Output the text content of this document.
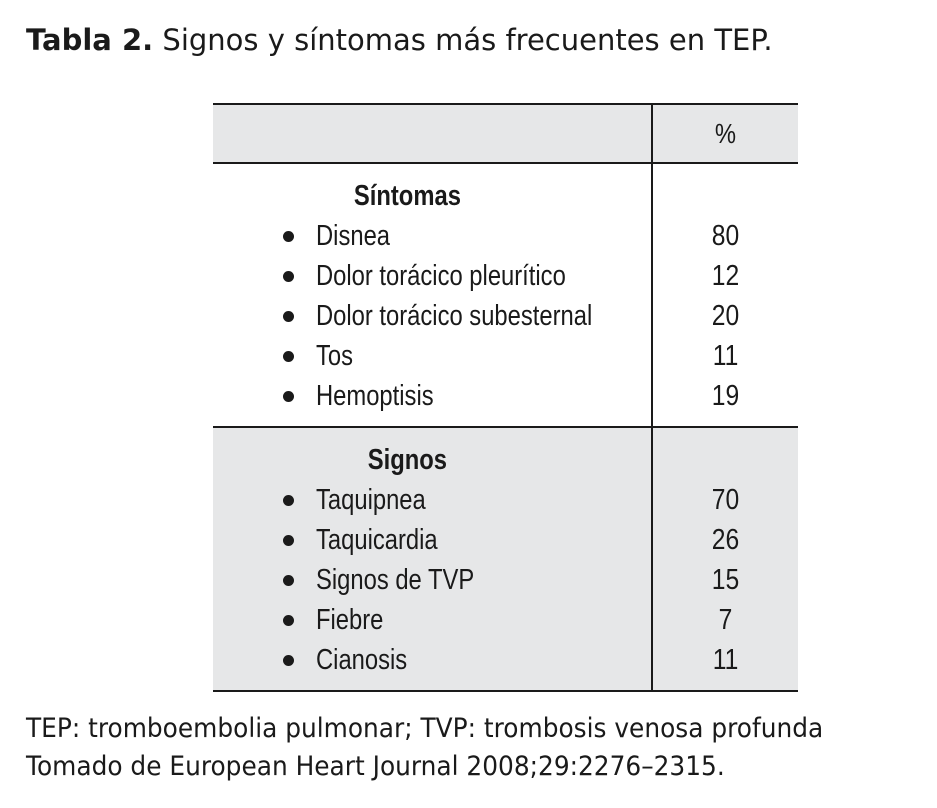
Tabla 2. Signos y síntomas más frecuentes en TEP.
%
Síntomas
Disnea
Dolor torácico pleurítico
Dolor torácico subesternal
Tos
Hemoptisis
80
12
20
11
19
Signos
Taquipnea
Taquicardia
Signos de TVP
Fiebre
Cianosis
70
26
15
7
11
TEP: tromboembolia pulmonar; TVP: trombosis venosa profunda
Tomado de European Heart Journal 2008;29:2276–2315.
